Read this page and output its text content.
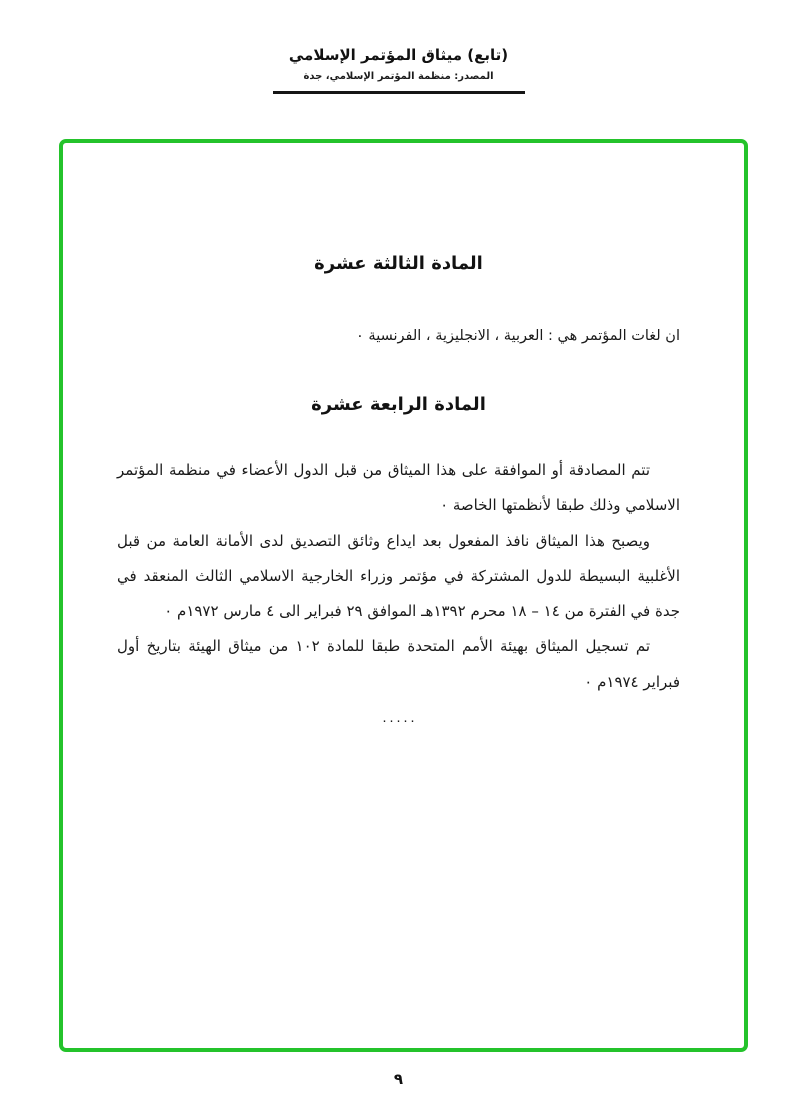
(تابع) ميثاق المؤتمر الإسلامي
المصدر: منظمة المؤتمر الإسلامي، جدة
المادة الثالثة عشرة
ان لغات المؤتمر هي : العربية ، الانجليزية ، الفرنسية ٠
المادة الرابعة عشرة

تتم المصادقة أو الموافقة على هذا الميثاق من قبل الدول الأعضاء في منظمة المؤتمر الاسلامي وذلك طبقا لأنظمتها الخاصة ٠

ويصبح هذا الميثاق نافذ المفعول بعد ايداع وثائق التصديق لدى الأمانة العامة من قبل الأغلبية البسيطة للدول المشتركة في مؤتمر وزراء الخارجية الاسلامي الثالث المنعقد في جدة في الفترة من ١٤ – ١٨ محرم ١٣٩٢هـ الموافق ٢٩ فبراير الى ٤ مارس ١٩٧٢م ٠

تم تسجيل الميثاق بهيئة الأمم المتحدة طبقا للمادة ١٠٢ من ميثاق الهيئة بتاريخ أول فبراير ١٩٧٤م ٠

٠٠٠٠٠
٩
